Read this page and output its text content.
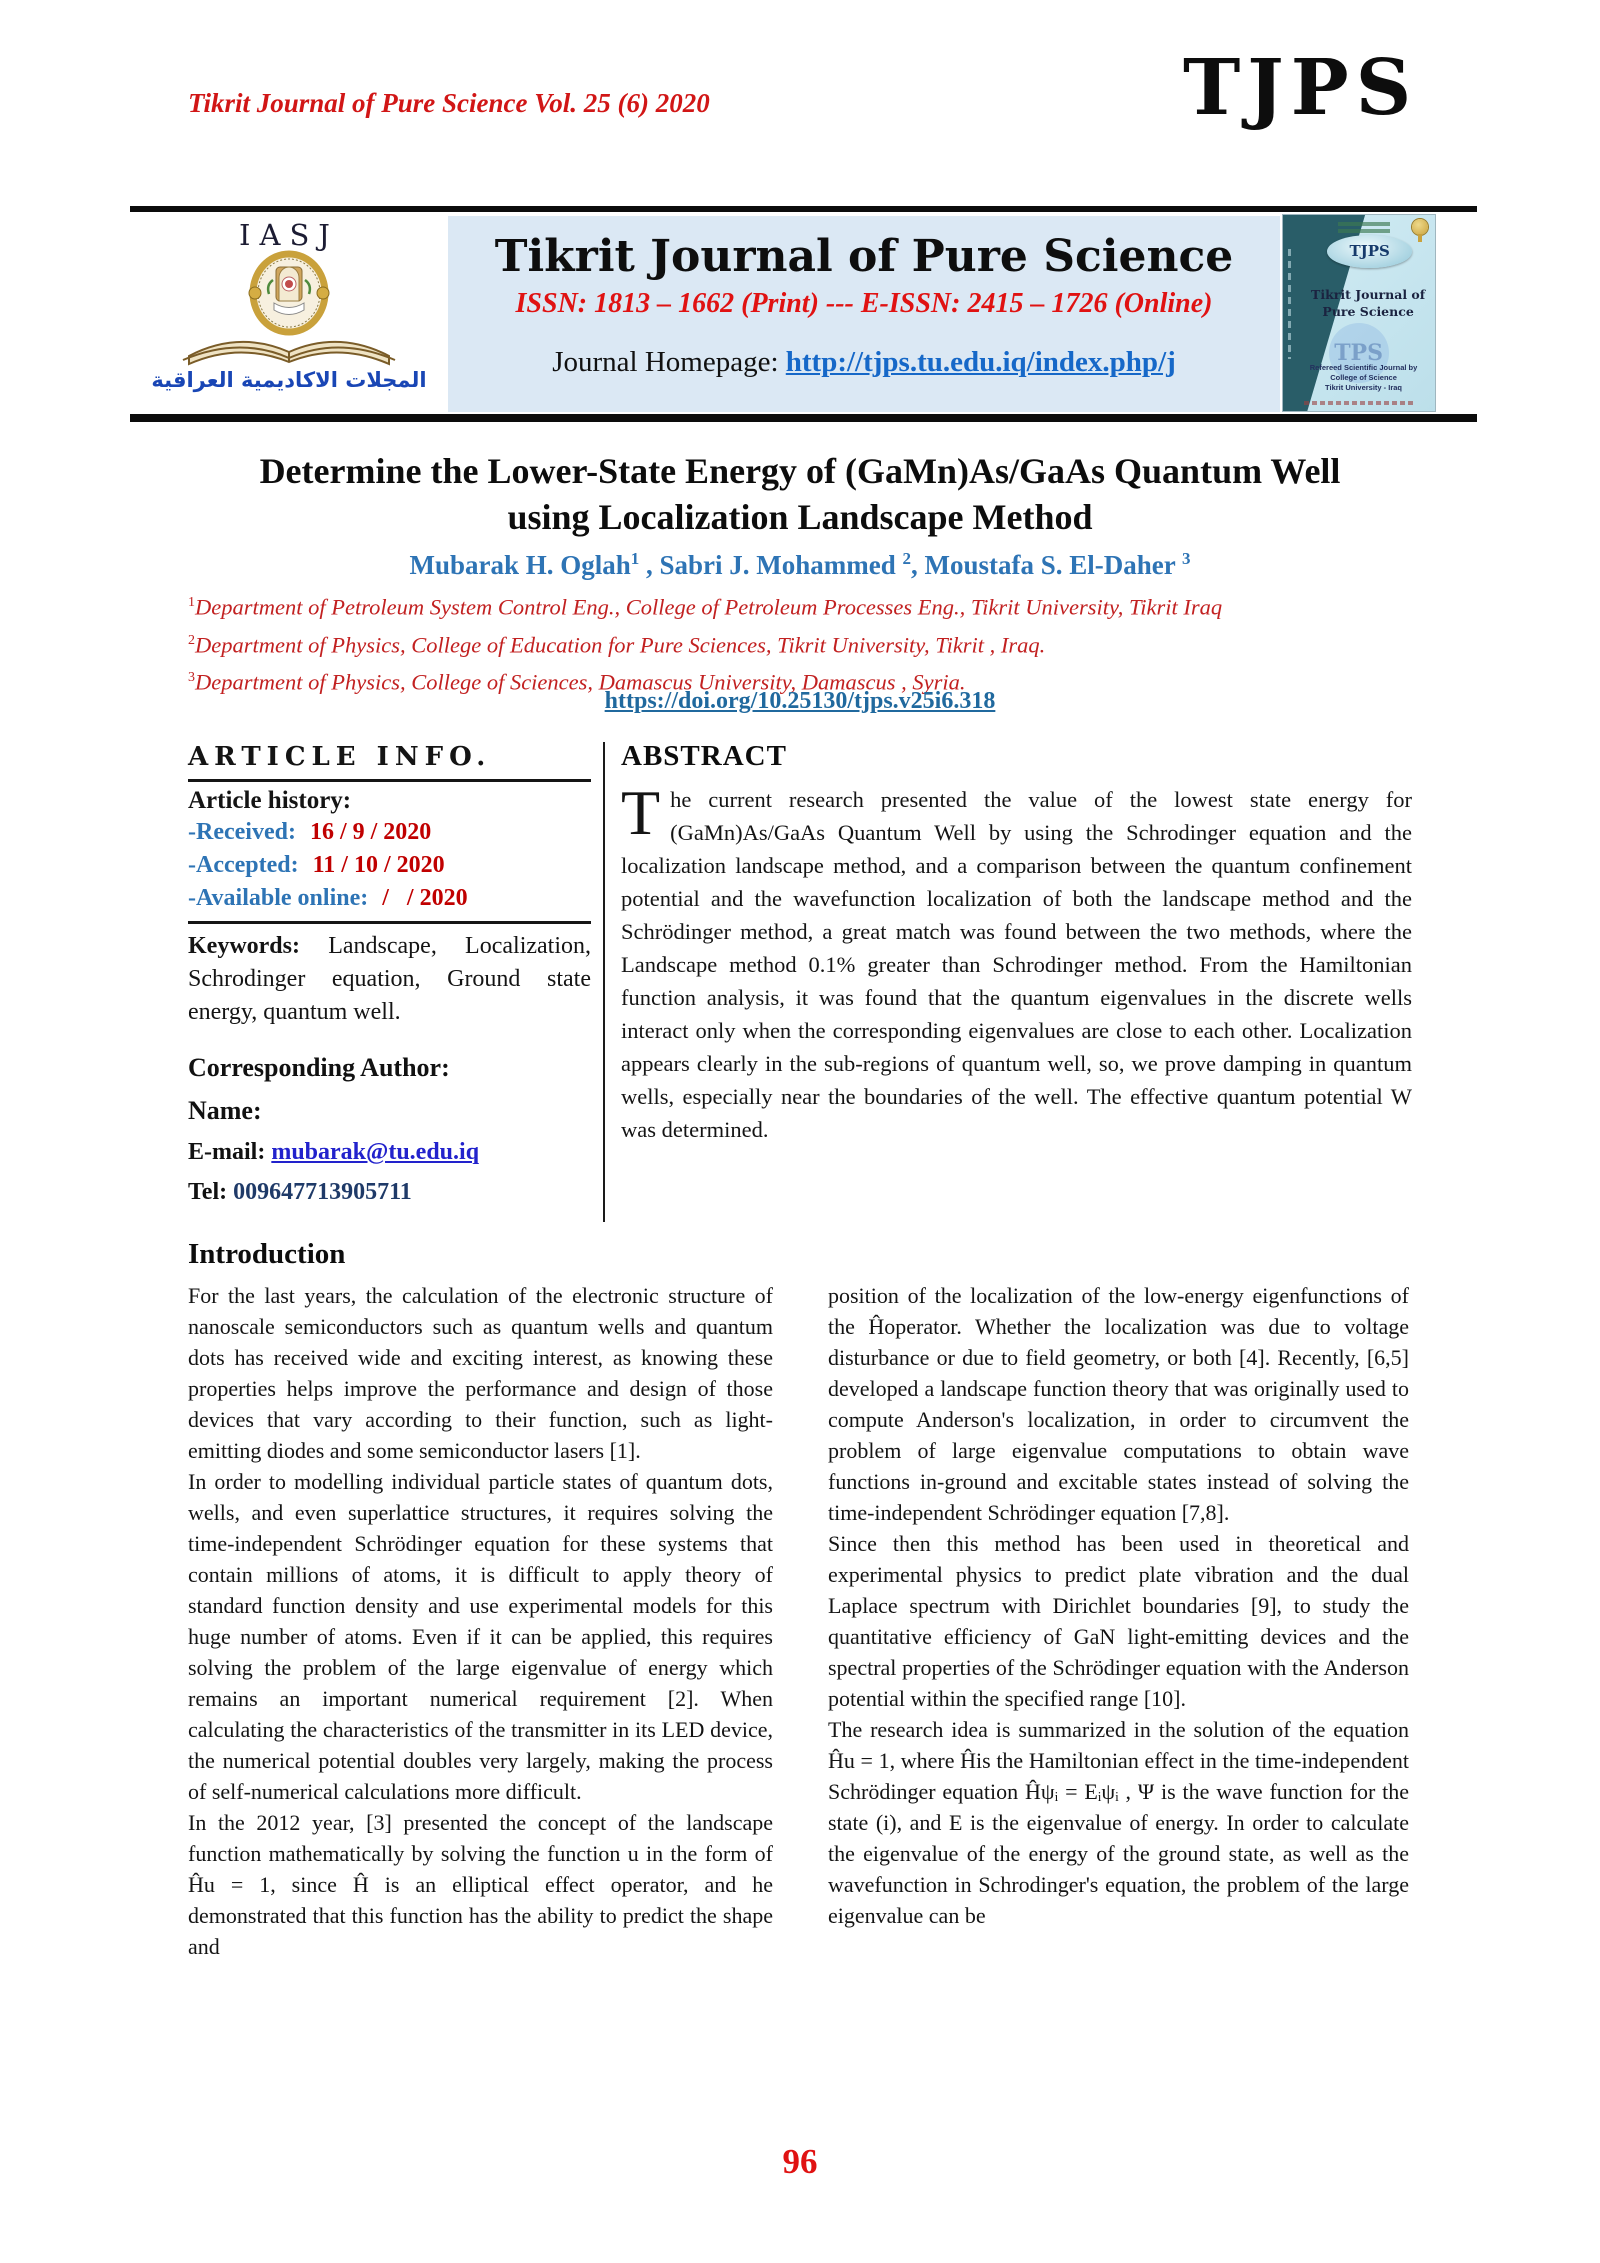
Tikrit Journal of Pure Science Vol. 25 (6) 2020	TJPS
IASJ
المجلات الاكاديمية العراقية
Tikrit Journal of Pure Science
ISSN: 1813 – 1662 (Print) --- E-ISSN: 2415 – 1726 (Online)
Journal Homepage: http://tjps.tu.edu.iq/index.php/j
TJPS
Tikrit Journal of
Pure Science
TPS
Refereed Scientific Journal by College of Science
Tikrit University - Iraq
Determine the Lower-State Energy of (GaMn)As/GaAs Quantum Well
using Localization Landscape Method
Mubarak H. Oglah$^1$ , Sabri J. Mohammed $^2$, Moustafa S. El-Daher $^3$
$^1$Department of Petroleum System Control Eng., College of Petroleum Processes Eng., Tikrit University, Tikrit Iraq
$^2$Department of Physics, College of Education for Pure Sciences, Tikrit University, Tikrit , Iraq.
$^3$Department of Physics, College of Sciences, Damascus University, Damascus , Syria.
https://doi.org/10.25130/tjps.v25i6.318
ARTICLE INFO.
Article history:
-Received: 16 / 9 / 2020
-Accepted: 11 / 10 / 2020
-Available online: /   / 2020

Keywords: Landscape, Localization, Schrodinger equation, Ground state energy, quantum well.

Corresponding Author:
Name:
E-mail: mubarak@tu.edu.iq
Tel: 009647713905711
ABSTRACT

The current research presented the value of the lowest state energy for (GaMn)As/GaAs Quantum Well by using the Schrodinger equation and the localization landscape method, and a comparison between the quantum confinement potential and the wavefunction localization of both the landscape method and the Schrödinger method, a great match was found between the two methods, where the Landscape method 0.1% greater than Schrodinger method. From the Hamiltonian function analysis, it was found that the quantum eigenvalues in the discrete wells interact only when the corresponding eigenvalues are close to each other. Localization appears clearly in the sub-regions of quantum well, so, we prove damping in quantum wells, especially near the boundaries of the well. The effective quantum potential W was determined.

Introduction

For the last years, the calculation of the electronic structure of nanoscale semiconductors such as quantum wells and quantum dots has received wide and exciting interest, as knowing these properties helps improve the performance and design of those devices that vary according to their function, such as light-emitting diodes and some semiconductor lasers [1].

In order to modelling individual particle states of quantum dots, wells, and even superlattice structures, it requires solving the time-independent Schrödinger equation for these systems that contain millions of atoms, it is difficult to apply theory of standard function density and use experimental models for this huge number of atoms. Even if it can be applied, this requires solving the problem of the large eigenvalue of energy which remains an important numerical requirement [2]. When calculating the characteristics of the transmitter in its LED device, the numerical potential doubles very largely, making the process of self-numerical calculations more difficult.

In the 2012 year, [3] presented the concept of the landscape function mathematically by solving the function u in the form of Ĥu = 1, since Ĥ is an elliptical effect operator, and he demonstrated that this function has the ability to predict the shape and

position of the localization of the low-energy eigenfunctions of the Ĥoperator. Whether the localization was due to voltage disturbance or due to field geometry, or both [4]. Recently, [6,5] developed a landscape function theory that was originally used to compute Anderson's localization, in order to circumvent the problem of large eigenvalue computations to obtain wave functions in-ground and excitable states instead of solving the time-independent Schrödinger equation [7,8].

Since then this method has been used in theoretical and experimental physics to predict plate vibration and the dual Laplace spectrum with Dirichlet boundaries [9], to study the quantitative efficiency of GaN light-emitting devices and the spectral properties of the Schrödinger equation with the Anderson potential within the specified range [10].

The research idea is summarized in the solution of the equation Ĥu = 1, where Ĥis the Hamiltonian effect in the time-independent Schrödinger equation Ĥψᵢ = Eᵢψᵢ , Ψ is the wave function for the state (i), and E is the eigenvalue of energy. In order to calculate the eigenvalue of the energy of the ground state, as well as the wavefunction in Schrodinger's equation, the problem of the large eigenvalue can be

96
